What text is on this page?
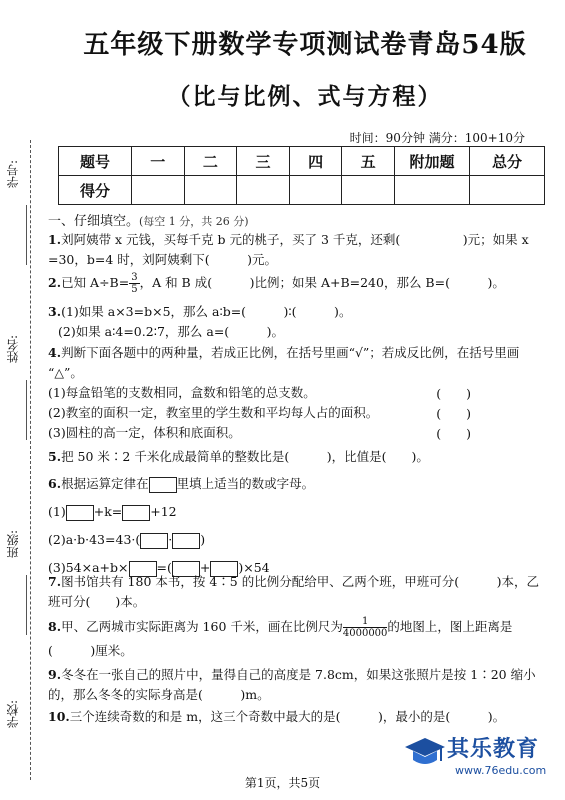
学号:
姓名:
班级:
学校:
五年级下册数学专项测试卷青岛54版
（比与比例、式与方程）
时间：90分钟 满分：100+10分
题号	一	二	三	四	五	附加题	总分
得分							
一、仔细填空。(每空 1 分，共 26 分)
1.刘阿姨带 x 元钱，买每千克 b 元的桃子，买了 3 千克，还剩(　　　　　)元；如果 x
=30，b=4 时，刘阿姨剩下(　　　)元。
2.已知 $A\div B= \frac{3}{5}$ ，A 和 B 成(　　　)比例；如果 A+B=240，那么 B=(　　　)。
3.(1)如果 a×3=b×5，那么 a∶b=(　　　)∶(　　　)。
(2)如果 a∶4=0.2∶7，那么 a=(　　　)。
4.判断下面各题中的两种量，若成正比例，在括号里画“√”；若成反比例，在括号里画
“△”。
(1)每盒铅笔的支数相同，盒数和铅笔的总支数。	(　　)

(2)教室的面积一定，教室里的学生数和平均每人占的面积。	(　　)

(3)圆柱的高一定，体积和底面积。	(　　)
5.把 50 米∶2 千米化成最简单的整数比是(　　　)，比值是(　　)。
6.根据运算定律在 里填上适当的数或字母。
(1) +k= +12
(2)a·b·43=43·( · )
(3)54×a+b× =( + )×54
7.图书馆共有 180 本书，按 4∶5 的比例分配给甲、乙两个班，甲班可分(　　　)本，乙
班可分(　　)本。
8.甲、乙两城市实际距离为 160 千米，画在比例尺为 $\frac{1}{4000000}$ 的地图上，图上距离是
(　　　)厘米。
9.冬冬在一张自己的照片中，量得自己的高度是 7.8cm，如果这张照片是按 1∶20 缩小
的，那么冬冬的实际身高是(　　　)m。
10.三个连续奇数的和是 m，这三个奇数中最大的是(　　　)，最小的是(　　　)。
其乐教育
www.76edu.com
第1页，共5页
